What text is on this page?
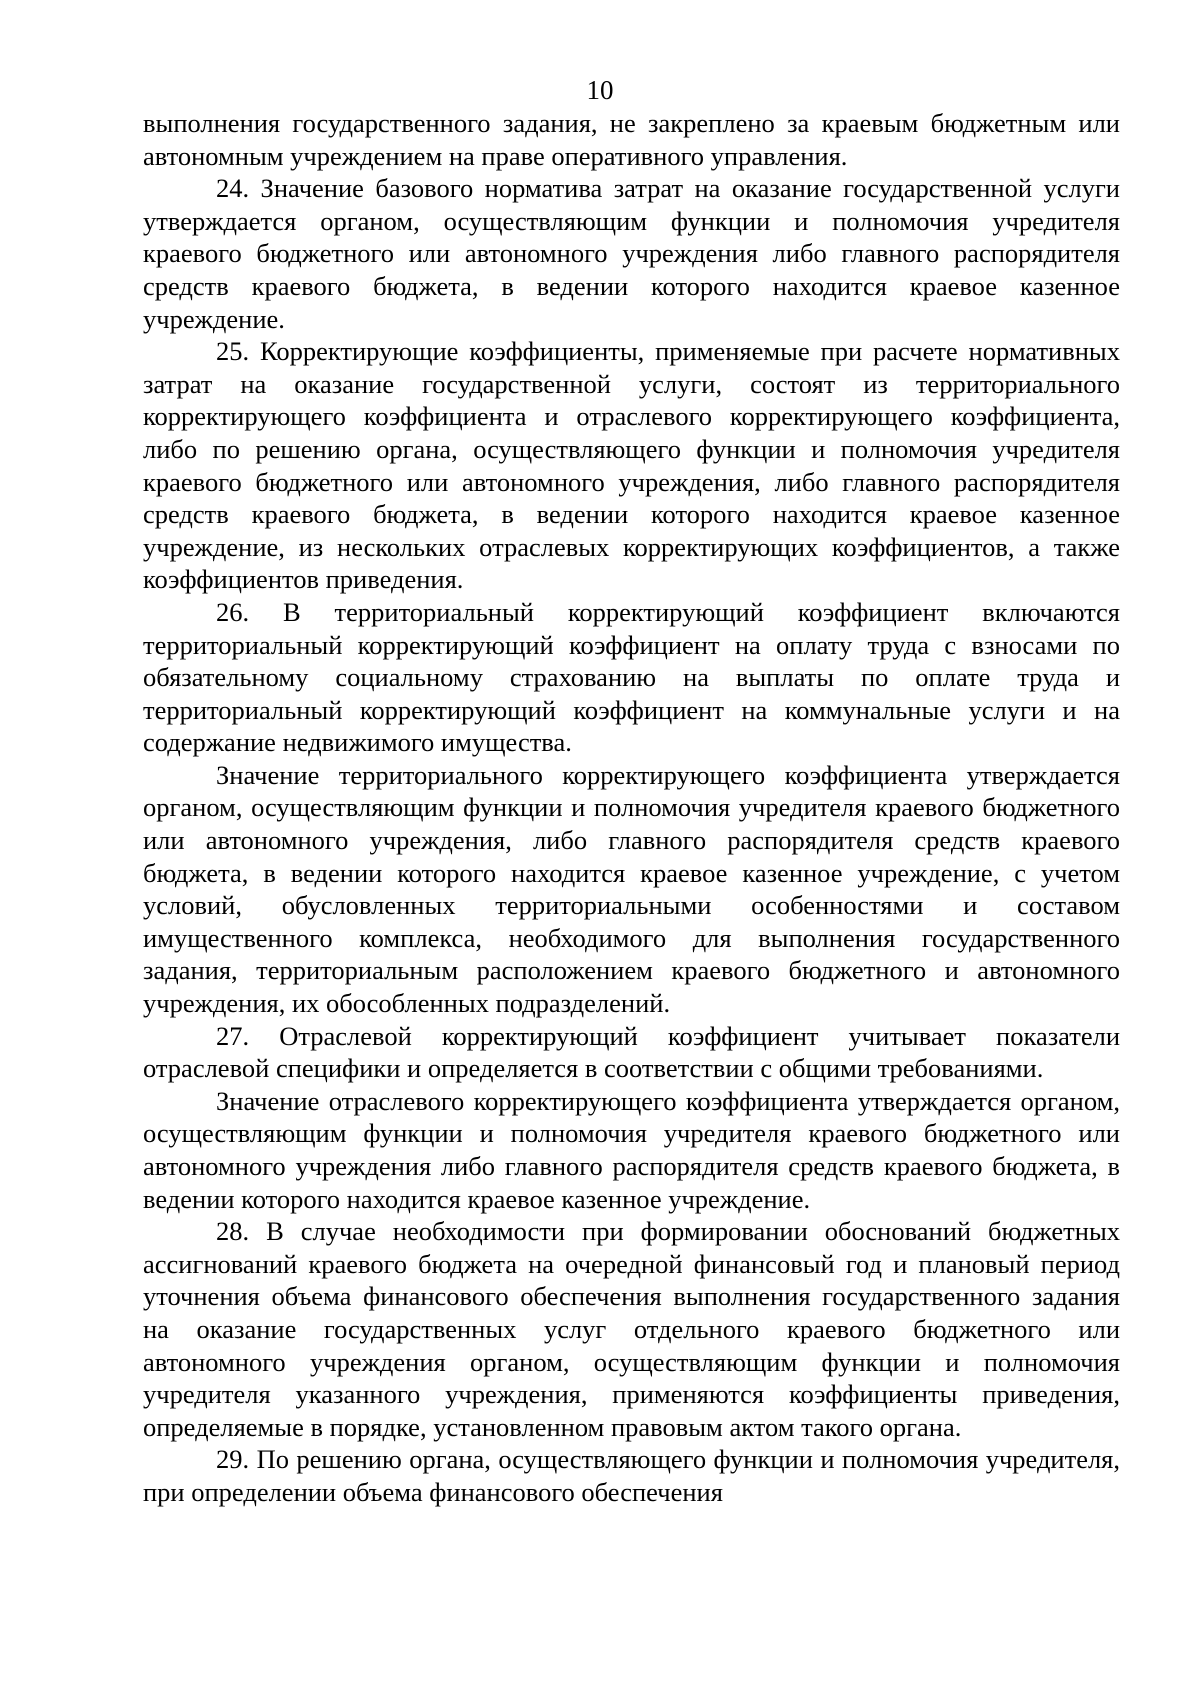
10

выполнения государственного задания, не закреплено за краевым бюджетным или автономным учреждением на праве оперативного управления.

24. Значение базового норматива затрат на оказание государственной услуги утверждается органом, осуществляющим функции и полномочия учредителя краевого бюджетного или автономного учреждения либо главного распорядителя средств краевого бюджета, в ведении которого находится краевое казенное учреждение.

25. Корректирующие коэффициенты, применяемые при расчете нормативных затрат на оказание государственной услуги, состоят из территориального корректирующего коэффициента и отраслевого корректирующего коэффициента, либо по решению органа, осуществляющего функции и полномочия учредителя краевого бюджетного или автономного учреждения, либо главного распорядителя средств краевого бюджета, в ведении которого находится краевое казенное учреждение, из нескольких отраслевых корректирующих коэффициентов, а также коэффициентов приведения.

26. В территориальный корректирующий коэффициент включаются территориальный корректирующий коэффициент на оплату труда с взносами по обязательному социальному страхованию на выплаты по оплате труда и территориальный корректирующий коэффициент на коммунальные услуги и на содержание недвижимого имущества.

Значение территориального корректирующего коэффициента утверждается органом, осуществляющим функции и полномочия учредителя краевого бюджетного или автономного учреждения, либо главного распорядителя средств краевого бюджета, в ведении которого находится краевое казенное учреждение, с учетом условий, обусловленных территориальными особенностями и составом имущественного комплекса, необходимого для выполнения государственного задания, территориальным расположением краевого бюджетного и автономного учреждения, их обособленных подразделений.

27. Отраслевой корректирующий коэффициент учитывает показатели отраслевой специфики и определяется в соответствии с общими требованиями.

Значение отраслевого корректирующего коэффициента утверждается органом, осуществляющим функции и полномочия учредителя краевого бюджетного или автономного учреждения либо главного распорядителя средств краевого бюджета, в ведении которого находится краевое казенное учреждение.

28. В случае необходимости при формировании обоснований бюджетных ассигнований краевого бюджета на очередной финансовый год и плановый период уточнения объема финансового обеспечения выполнения государственного задания на оказание государственных услуг отдельного краевого бюджетного или автономного учреждения органом, осуществляющим функции и полномочия учредителя указанного учреждения, применяются коэффициенты приведения, определяемые в порядке, установленном правовым актом такого органа.

29. По решению органа, осуществляющего функции и полномочия учредителя, при определении объема финансового обеспечения
